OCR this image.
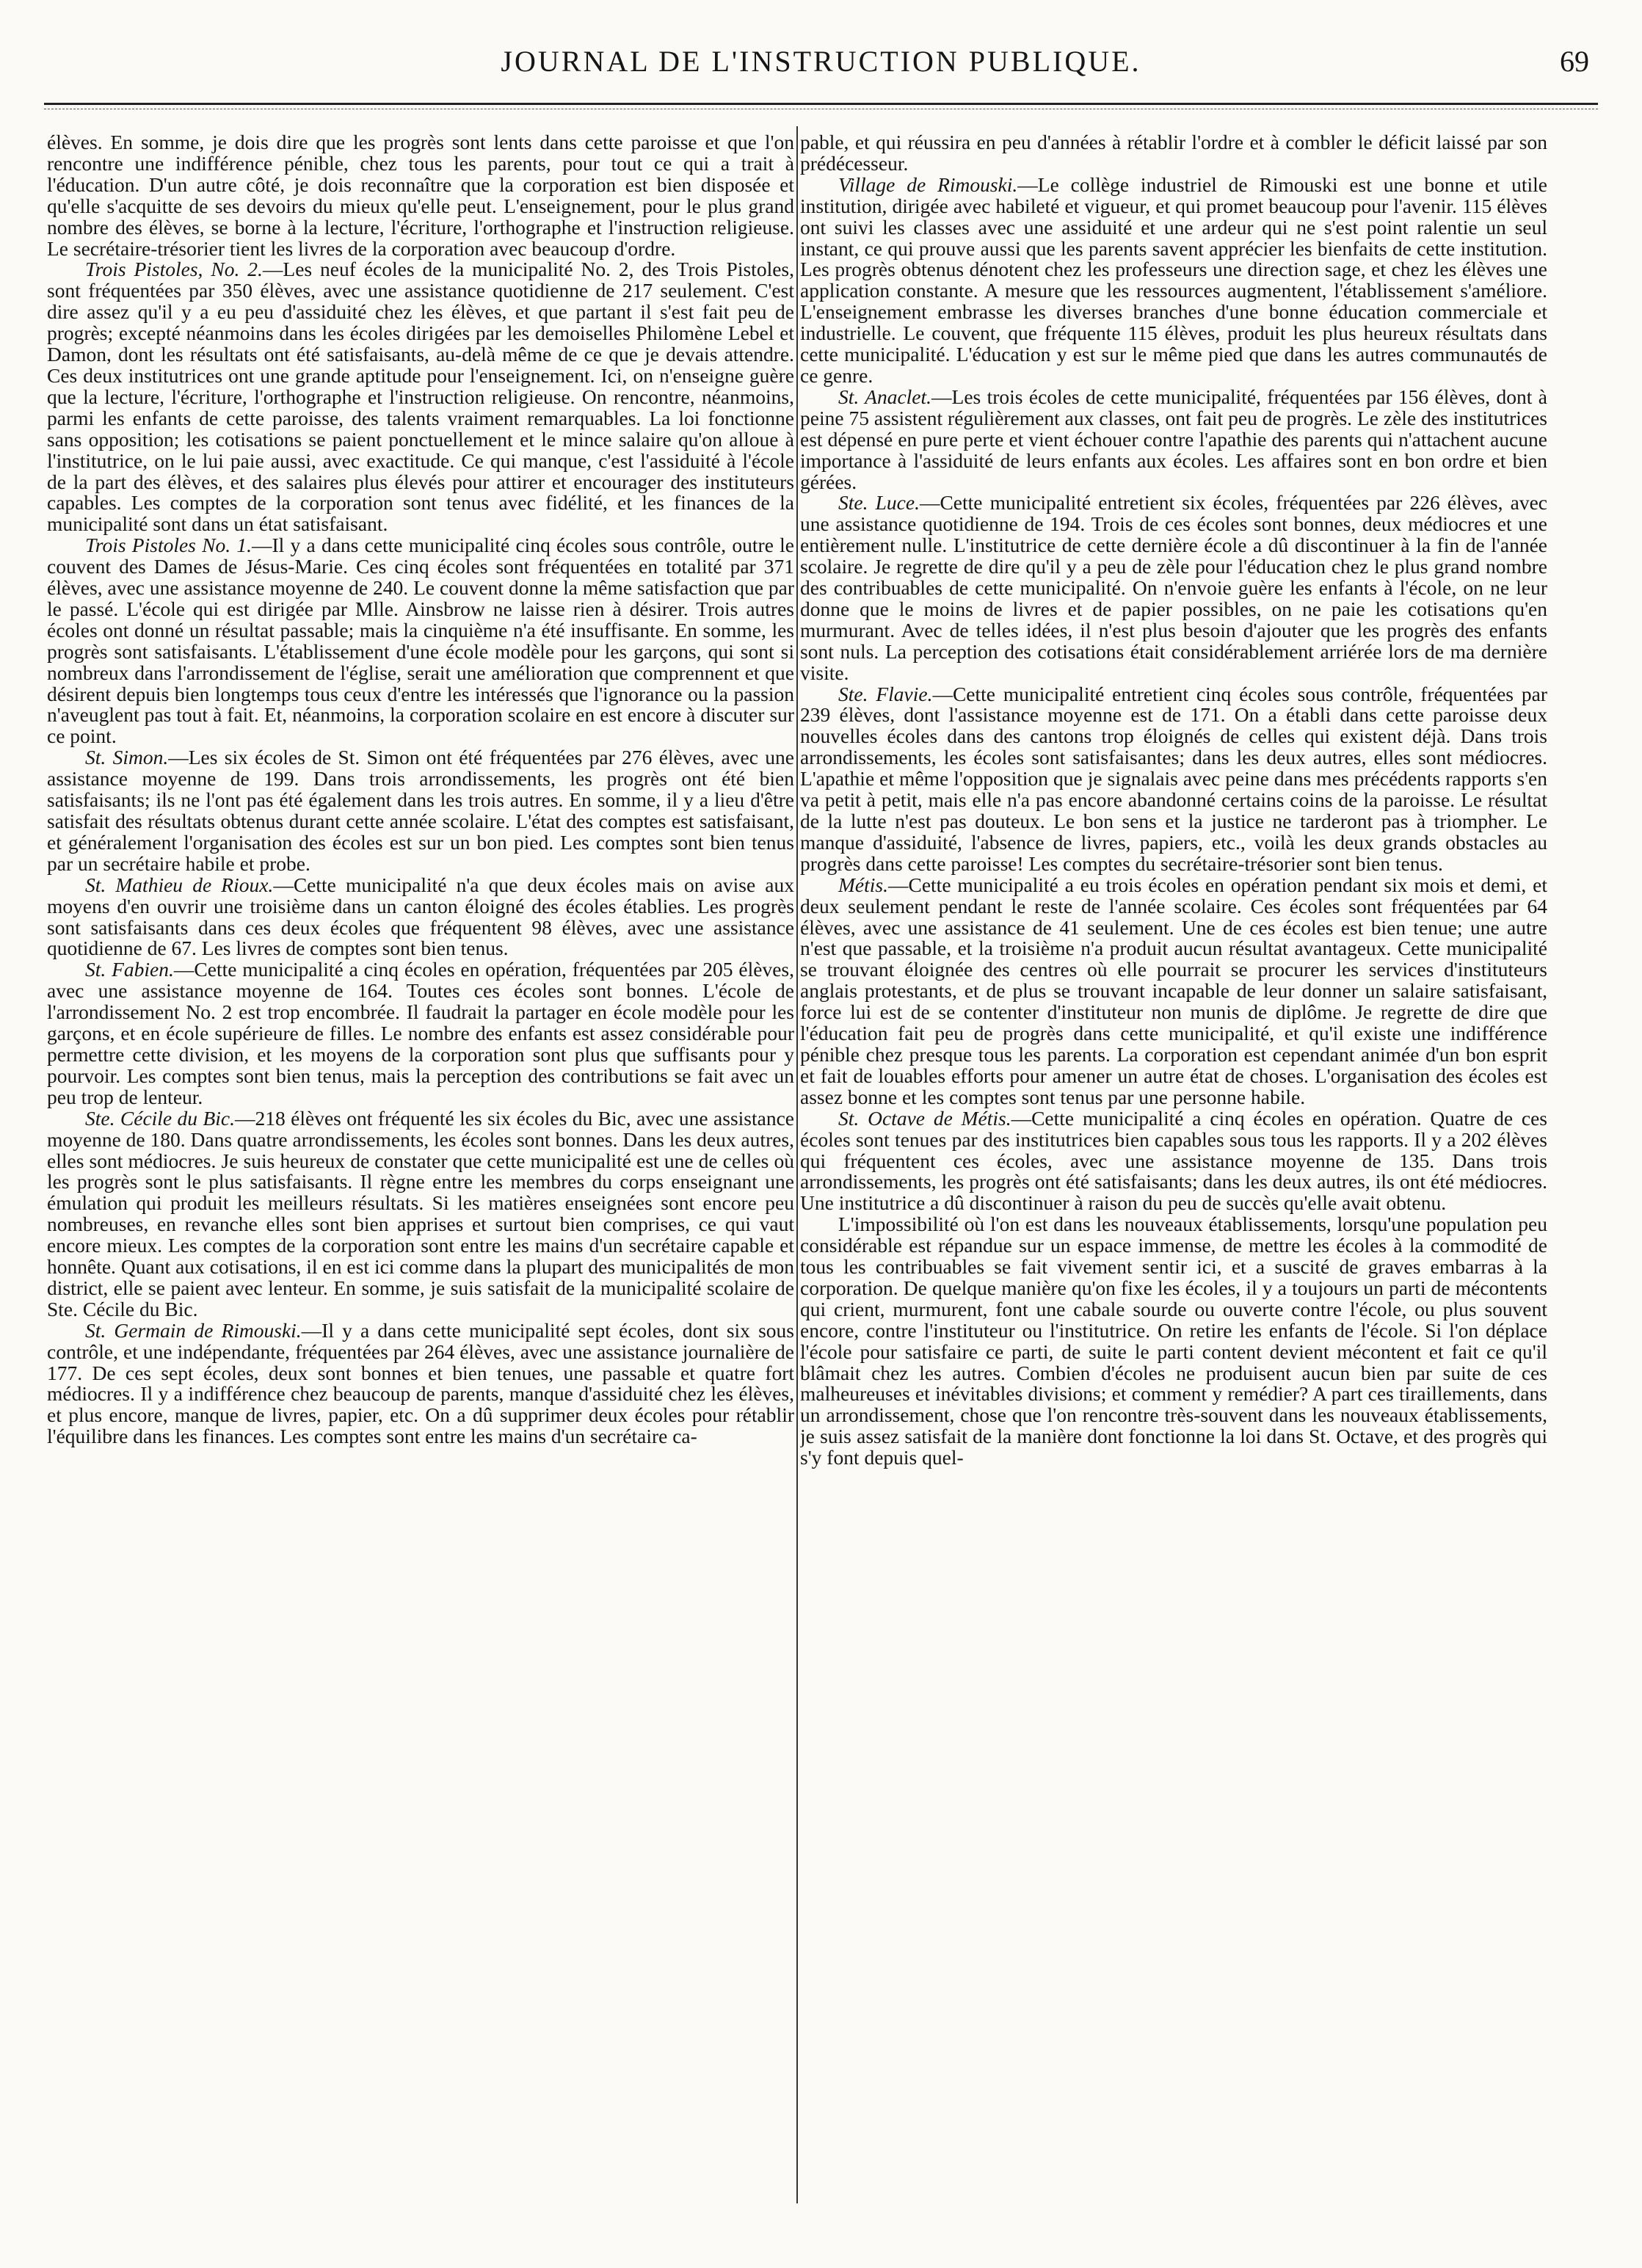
JOURNAL DE L'INSTRUCTION PUBLIQUE.	69

élèves. En somme, je dois dire que les progrès sont lents dans cette paroisse et que l'on rencontre une indifférence pénible, chez tous les parents, pour tout ce qui a trait à l'éducation. D'un autre côté, je dois reconnaître que la corporation est bien disposée et qu'elle s'acquitte de ses devoirs du mieux qu'elle peut. L'enseignement, pour le plus grand nombre des élèves, se borne à la lecture, l'écriture, l'orthographe et l'instruction religieuse. Le secrétaire-trésorier tient les livres de la corporation avec beaucoup d'ordre.

Trois Pistoles, No. 2.—Les neuf écoles de la municipalité No. 2, des Trois Pistoles, sont fréquentées par 350 élèves, avec une assistance quotidienne de 217 seulement. C'est dire assez qu'il y a eu peu d'assiduité chez les élèves, et que partant il s'est fait peu de progrès; excepté néanmoins dans les écoles dirigées par les demoiselles Philomène Lebel et Damon, dont les résultats ont été satisfaisants, au-delà même de ce que je devais attendre. Ces deux institutrices ont une grande aptitude pour l'enseignement. Ici, on n'enseigne guère que la lecture, l'écriture, l'orthographe et l'instruction religieuse. On rencontre, néanmoins, parmi les enfants de cette paroisse, des talents vraiment remarquables. La loi fonctionne sans opposition; les cotisations se paient ponctuellement et le mince salaire qu'on alloue à l'institutrice, on le lui paie aussi, avec exactitude. Ce qui manque, c'est l'assiduité à l'école de la part des élèves, et des salaires plus élevés pour attirer et encourager des instituteurs capables. Les comptes de la corporation sont tenus avec fidélité, et les finances de la municipalité sont dans un état satisfaisant.

Trois Pistoles No. 1.—Il y a dans cette municipalité cinq écoles sous contrôle, outre le couvent des Dames de Jésus-Marie. Ces cinq écoles sont fréquentées en totalité par 371 élèves, avec une assistance moyenne de 240. Le couvent donne la même satisfaction que par le passé. L'école qui est dirigée par Mlle. Ainsbrow ne laisse rien à désirer. Trois autres écoles ont donné un résultat passable; mais la cinquième n'a été insuffisante. En somme, les progrès sont satisfaisants. L'établissement d'une école modèle pour les garçons, qui sont si nombreux dans l'arrondissement de l'église, serait une amélioration que comprennent et que désirent depuis bien longtemps tous ceux d'entre les intéressés que l'ignorance ou la passion n'aveuglent pas tout à fait. Et, néanmoins, la corporation scolaire en est encore à discuter sur ce point.

St. Simon.—Les six écoles de St. Simon ont été fréquentées par 276 élèves, avec une assistance moyenne de 199. Dans trois arrondissements, les progrès ont été bien satisfaisants; ils ne l'ont pas été également dans les trois autres. En somme, il y a lieu d'être satisfait des résultats obtenus durant cette année scolaire. L'état des comptes est satisfaisant, et généralement l'organisation des écoles est sur un bon pied. Les comptes sont bien tenus par un secrétaire habile et probe.

St. Mathieu de Rioux.—Cette municipalité n'a que deux écoles mais on avise aux moyens d'en ouvrir une troisième dans un canton éloigné des écoles établies. Les progrès sont satisfaisants dans ces deux écoles que fréquentent 98 élèves, avec une assistance quotidienne de 67. Les livres de comptes sont bien tenus.

St. Fabien.—Cette municipalité a cinq écoles en opération, fréquentées par 205 élèves, avec une assistance moyenne de 164. Toutes ces écoles sont bonnes. L'école de l'arrondissement No. 2 est trop encombrée. Il faudrait la partager en école modèle pour les garçons, et en école supérieure de filles. Le nombre des enfants est assez considérable pour permettre cette division, et les moyens de la corporation sont plus que suffisants pour y pourvoir. Les comptes sont bien tenus, mais la perception des contributions se fait avec un peu trop de lenteur.

Ste. Cécile du Bic.—218 élèves ont fréquenté les six écoles du Bic, avec une assistance moyenne de 180. Dans quatre arrondissements, les écoles sont bonnes. Dans les deux autres, elles sont médiocres. Je suis heureux de constater que cette municipalité est une de celles où les progrès sont le plus satisfaisants. Il règne entre les membres du corps enseignant une émulation qui produit les meilleurs résultats. Si les matières enseignées sont encore peu nombreuses, en revanche elles sont bien apprises et surtout bien comprises, ce qui vaut encore mieux. Les comptes de la corporation sont entre les mains d'un secrétaire capable et honnête. Quant aux cotisations, il en est ici comme dans la plupart des municipalités de mon district, elle se paient avec lenteur. En somme, je suis satisfait de la municipalité scolaire de Ste. Cécile du Bic.

St. Germain de Rimouski.—Il y a dans cette municipalité sept écoles, dont six sous contrôle, et une indépendante, fréquentées par 264 élèves, avec une assistance journalière de 177. De ces sept écoles, deux sont bonnes et bien tenues, une passable et quatre fort médiocres. Il y a indifférence chez beaucoup de parents, manque d'assiduité chez les élèves, et plus encore, manque de livres, papier, etc. On a dû supprimer deux écoles pour rétablir l'équilibre dans les finances. Les comptes sont entre les mains d'un secrétaire ca-

pable, et qui réussira en peu d'années à rétablir l'ordre et à combler le déficit laissé par son prédécesseur.

Village de Rimouski.—Le collège industriel de Rimouski est une bonne et utile institution, dirigée avec habileté et vigueur, et qui promet beaucoup pour l'avenir. 115 élèves ont suivi les classes avec une assiduité et une ardeur qui ne s'est point ralentie un seul instant, ce qui prouve aussi que les parents savent apprécier les bienfaits de cette institution. Les progrès obtenus dénotent chez les professeurs une direction sage, et chez les élèves une application constante. A mesure que les ressources augmentent, l'établissement s'améliore. L'enseignement embrasse les diverses branches d'une bonne éducation commerciale et industrielle. Le couvent, que fréquente 115 élèves, produit les plus heureux résultats dans cette municipalité. L'éducation y est sur le même pied que dans les autres communautés de ce genre.

St. Anaclet.—Les trois écoles de cette municipalité, fréquentées par 156 élèves, dont à peine 75 assistent régulièrement aux classes, ont fait peu de progrès. Le zèle des institutrices est dépensé en pure perte et vient échouer contre l'apathie des parents qui n'attachent aucune importance à l'assiduité de leurs enfants aux écoles. Les affaires sont en bon ordre et bien gérées.

Ste. Luce.—Cette municipalité entretient six écoles, fréquentées par 226 élèves, avec une assistance quotidienne de 194. Trois de ces écoles sont bonnes, deux médiocres et une entièrement nulle. L'institutrice de cette dernière école a dû discontinuer à la fin de l'année scolaire. Je regrette de dire qu'il y a peu de zèle pour l'éducation chez le plus grand nombre des contribuables de cette municipalité. On n'envoie guère les enfants à l'école, on ne leur donne que le moins de livres et de papier possibles, on ne paie les cotisations qu'en murmurant. Avec de telles idées, il n'est plus besoin d'ajouter que les progrès des enfants sont nuls. La perception des cotisations était considérablement arriérée lors de ma dernière visite.

Ste. Flavie.—Cette municipalité entretient cinq écoles sous contrôle, fréquentées par 239 élèves, dont l'assistance moyenne est de 171. On a établi dans cette paroisse deux nouvelles écoles dans des cantons trop éloignés de celles qui existent déjà. Dans trois arrondissements, les écoles sont satisfaisantes; dans les deux autres, elles sont médiocres. L'apathie et même l'opposition que je signalais avec peine dans mes précédents rapports s'en va petit à petit, mais elle n'a pas encore abandonné certains coins de la paroisse. Le résultat de la lutte n'est pas douteux. Le bon sens et la justice ne tarderont pas à triompher. Le manque d'assiduité, l'absence de livres, papiers, etc., voilà les deux grands obstacles au progrès dans cette paroisse! Les comptes du secrétaire-trésorier sont bien tenus.

Métis.—Cette municipalité a eu trois écoles en opération pendant six mois et demi, et deux seulement pendant le reste de l'année scolaire. Ces écoles sont fréquentées par 64 élèves, avec une assistance de 41 seulement. Une de ces écoles est bien tenue; une autre n'est que passable, et la troisième n'a produit aucun résultat avantageux. Cette municipalité se trouvant éloignée des centres où elle pourrait se procurer les services d'instituteurs anglais protestants, et de plus se trouvant incapable de leur donner un salaire satisfaisant, force lui est de se contenter d'instituteur non munis de diplôme. Je regrette de dire que l'éducation fait peu de progrès dans cette municipalité, et qu'il existe une indifférence pénible chez presque tous les parents. La corporation est cependant animée d'un bon esprit et fait de louables efforts pour amener un autre état de choses. L'organisation des écoles est assez bonne et les comptes sont tenus par une personne habile.

St. Octave de Métis.—Cette municipalité a cinq écoles en opération. Quatre de ces écoles sont tenues par des institutrices bien capables sous tous les rapports. Il y a 202 élèves qui fréquentent ces écoles, avec une assistance moyenne de 135. Dans trois arrondissements, les progrès ont été satisfaisants; dans les deux autres, ils ont été médiocres. Une institutrice a dû discontinuer à raison du peu de succès qu'elle avait obtenu.

L'impossibilité où l'on est dans les nouveaux établissements, lorsqu'une population peu considérable est répandue sur un espace immense, de mettre les écoles à la commodité de tous les contribuables se fait vivement sentir ici, et a suscité de graves embarras à la corporation. De quelque manière qu'on fixe les écoles, il y a toujours un parti de mécontents qui crient, murmurent, font une cabale sourde ou ouverte contre l'école, ou plus souvent encore, contre l'instituteur ou l'institutrice. On retire les enfants de l'école. Si l'on déplace l'école pour satisfaire ce parti, de suite le parti content devient mécontent et fait ce qu'il blâmait chez les autres. Combien d'écoles ne produisent aucun bien par suite de ces malheureuses et inévitables divisions; et comment y remédier? A part ces tiraillements, dans un arrondissement, chose que l'on rencontre très-souvent dans les nouveaux établissements, je suis assez satisfait de la manière dont fonctionne la loi dans St. Octave, et des progrès qui s'y font depuis quel-
